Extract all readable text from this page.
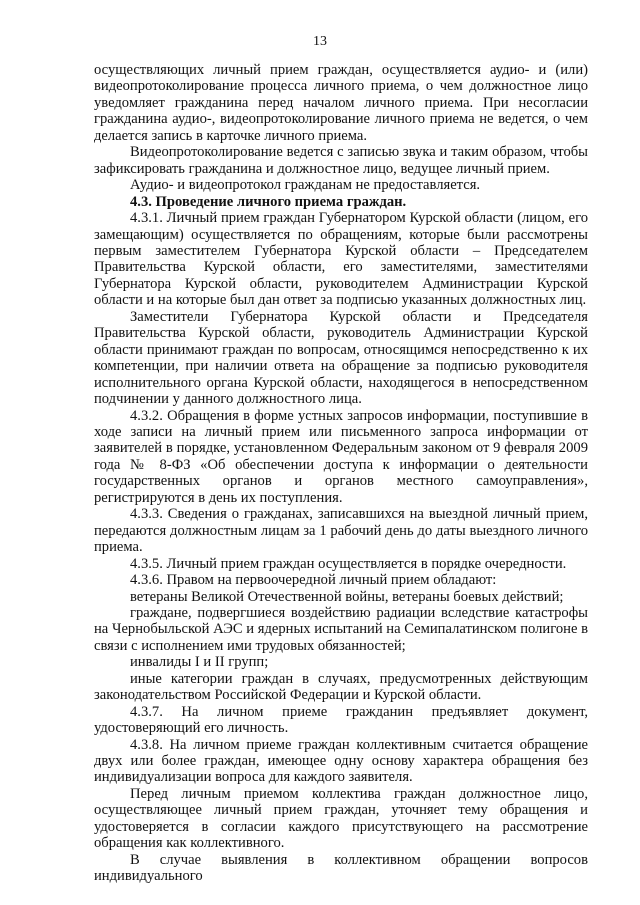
13

осуществляющих личный прием граждан, осуществляется аудио- и (или) видеопротоколирование процесса личного приема, о чем должностное лицо уведомляет гражданина перед началом личного приема. При несогласии гражданина аудио-, видеопротоколирование личного приема не ведется, о чем делается запись в карточке личного приема.

Видеопротоколирование ведется с записью звука и таким образом, чтобы зафиксировать гражданина и должностное лицо, ведущее личный прием.

Аудио- и видеопротокол гражданам не предоставляется.

4.3. Проведение личного приема граждан.

4.3.1. Личный прием граждан Губернатором Курской области (лицом, его замещающим) осуществляется по обращениям, которые были рассмотрены первым заместителем Губернатора Курской области – Председателем Правительства Курской области, его заместителями, заместителями Губернатора Курской области, руководителем Администрации Курской области и на которые был дан ответ за подписью указанных должностных лиц.

Заместители Губернатора Курской области и Председателя Правительства Курской области, руководитель Администрации Курской области принимают граждан по вопросам, относящимся непосредственно к их компетенции, при наличии ответа на обращение за подписью руководителя исполнительного органа Курской области, находящегося в непосредственном подчинении у данного должностного лица.

4.3.2. Обращения в форме устных запросов информации, поступившие в ходе записи на личный прием или письменного запроса информации от заявителей в порядке, установленном Федеральным законом от 9 февраля 2009 года № 8-ФЗ «Об обеспечении доступа к информации о деятельности государственных органов и органов местного самоуправления», регистрируются в день их поступления.

4.3.3. Сведения о гражданах, записавшихся на выездной личный прием, передаются должностным лицам за 1 рабочий день до даты выездного личного приема.

4.3.5. Личный прием граждан осуществляется в порядке очередности.

4.3.6. Правом на первоочередной личный прием обладают:

ветераны Великой Отечественной войны, ветераны боевых действий;

граждане, подвергшиеся воздействию радиации вследствие катастрофы на Чернобыльской АЭС и ядерных испытаний на Семипалатинском полигоне в связи с исполнением ими трудовых обязанностей;

инвалиды I и II групп;

иные категории граждан в случаях, предусмотренных действующим законодательством Российской Федерации и Курской области.

4.3.7. На личном приеме гражданин предъявляет документ, удостоверяющий его личность.

4.3.8. На личном приеме граждан коллективным считается обращение двух или более граждан, имеющее одну основу характера обращения без индивидуализации вопроса для каждого заявителя.

Перед личным приемом коллектива граждан должностное лицо, осуществляющее личный прием граждан, уточняет тему обращения и удостоверяется в согласии каждого присутствующего на рассмотрение обращения как коллективного.

В случае выявления в коллективном обращении вопросов индивидуального
